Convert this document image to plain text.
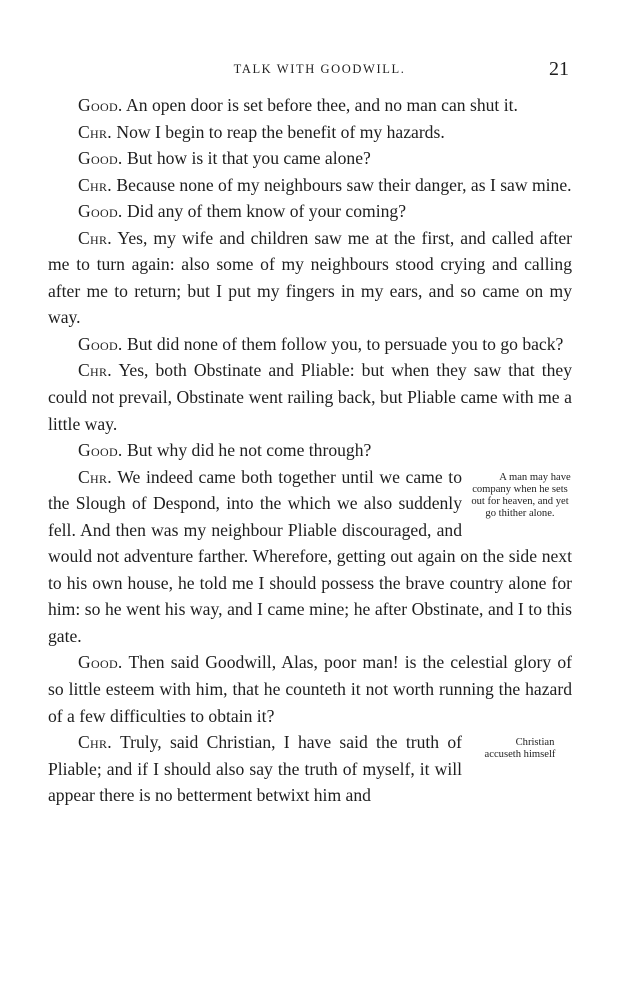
TALK WITH GOODWILL.	21

Good. An open door is set before thee, and no man can shut it.

Chr. Now I begin to reap the benefit of my hazards.

Good. But how is it that you came alone?

Chr. Because none of my neighbours saw their danger, as I saw mine.

Good. Did any of them know of your coming?

Chr. Yes, my wife and children saw me at the first, and called after me to turn again: also some of my neighbours stood crying and calling after me to return; but I put my fingers in my ears, and so came on my way.

Good. But did none of them follow you, to persuade you to go back?

Chr. Yes, both Obstinate and Pliable: but when they saw that they could not prevail, Obstinate went railing back, but Pliable came with me a little way.

Good. But why did he not come through?

A man may have company when he sets out for heaven, and yet go thither alone.
Chr. We indeed came both together until we came to the Slough of Despond, into the which we also suddenly fell. And then was my neighbour Pliable discouraged, and would not adventure farther. Wherefore, getting out again on the side next to his own house, he told me I should possess the brave country alone for him: so he went his way, and I came mine; he after Obstinate, and I to this gate.

Good. Then said Goodwill, Alas, poor man! is the celestial glory of so little esteem with him, that he counteth it not worth running the hazard of a few difficulties to obtain it?

Christian accuseth himself
Chr. Truly, said Christian, I have said the truth of Pliable; and if I should also say the truth of myself, it will appear there is no betterment betwixt him and
